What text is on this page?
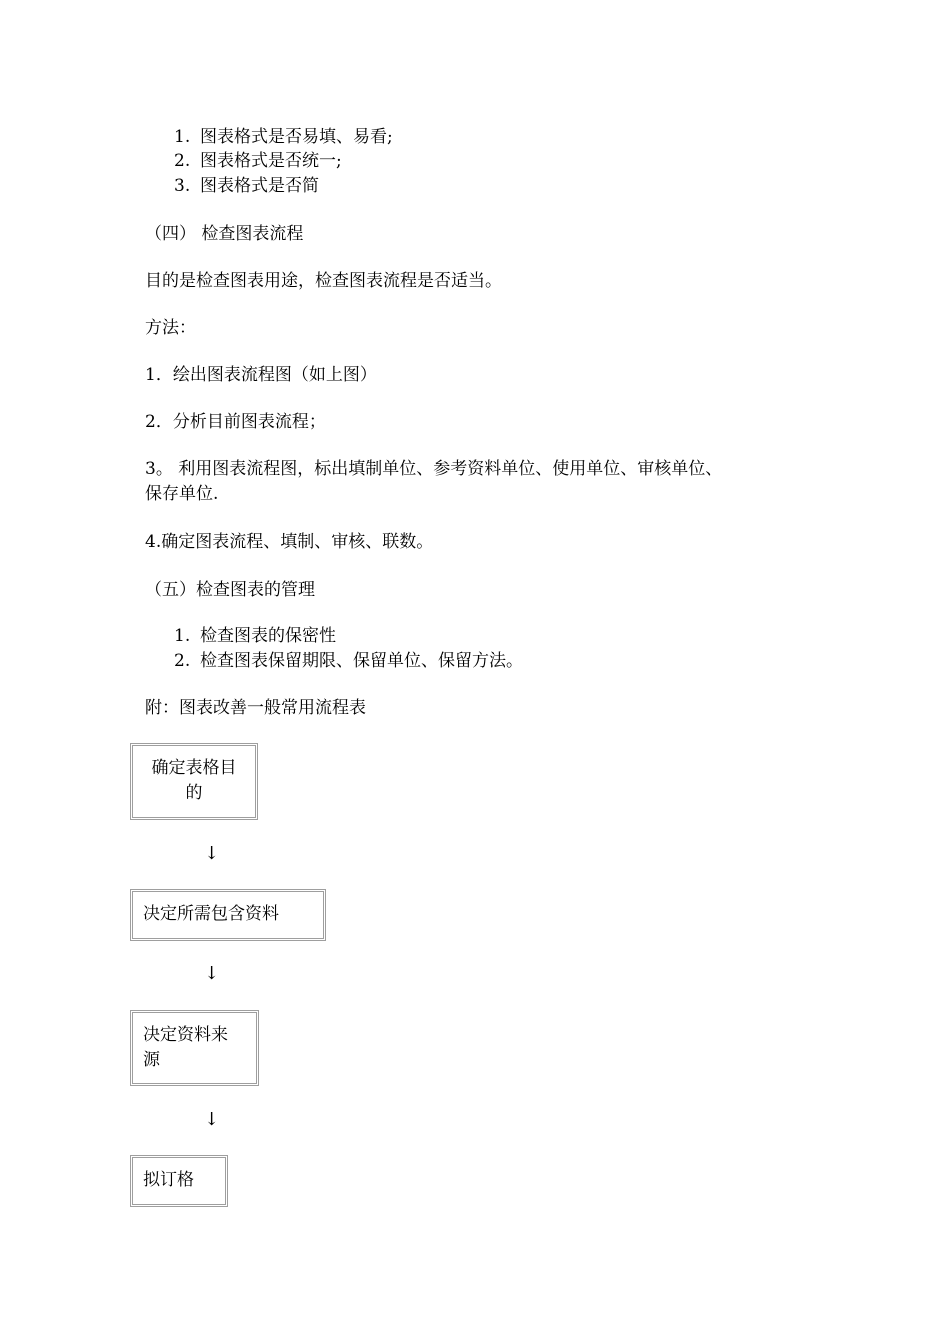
1. 图表格式是否易填、易看;
2. 图表格式是否统一;
3. 图表格式是否简
（四） 检查图表流程
目的是检查图表用途，检查图表流程是否适当。
方法：
1．绘出图表流程图（如上图）
2．分析目前图表流程；
3。 利用图表流程图，标出填制单位、参考资料单位、使用单位、审核单位、
保存单位.
4.确定图表流程、填制、审核、联数。
（五）检查图表的管理
1. 检查图表的保密性
2. 检查图表保留期限、保留单位、保留方法。
附：图表改善一般常用流程表
确定表格目
的
↓
决定所需包含资料
↓
决定资料来
源
↓
拟订格
